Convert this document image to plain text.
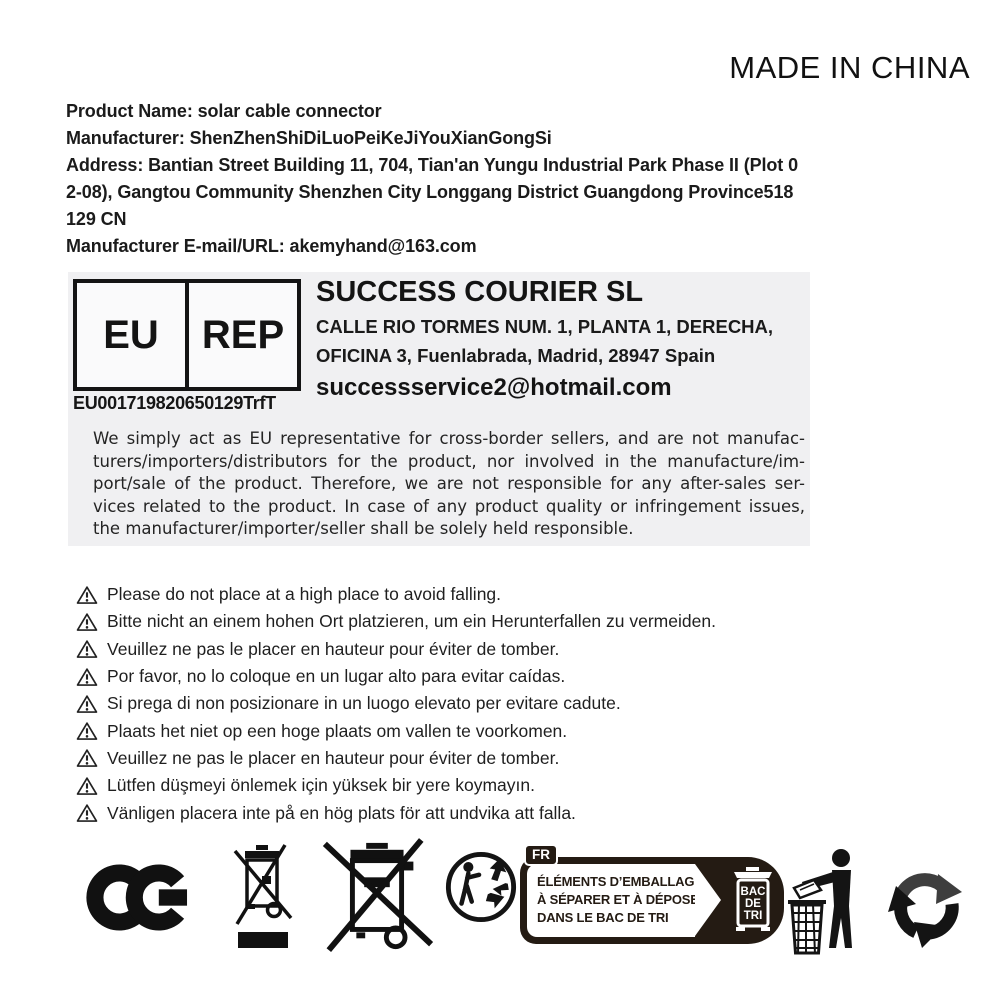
MADE IN CHINA
Product Name: solar cable connector
Manufacturer: ShenZhenShiDiLuoPeiKeJiYouXianGongSi
Address: Bantian Street Building 11, 704, Tian'an Yungu Industrial Park Phase II (Plot 0
2-08), Gangtou Community Shenzhen City Longgang District Guangdong Province518
129 CN
Manufacturer E-mail/URL: akemyhand@163.com
EU	REP
EU001719820650129TrfT
SUCCESS COURIER SL
CALLE RIO TORMES NUM. 1, PLANTA 1, DERECHA,
OFICINA 3, Fuenlabrada, Madrid, 28947 Spain
successservice2@hotmail.com
We simply act as EU representative for cross-border sellers, and are not manufac-
turers/importers/distributors for the product, nor involved in the manufacture/im-
port/sale of the product. Therefore, we are not responsible for any after-sales ser-
vices related to the product. In case of any product quality or infringement issues,
the manufacturer/importer/seller shall be solely held responsible.
Please do not place at a high place to avoid falling.
Bitte nicht an einem hohen Ort platzieren, um ein Herunterfallen zu vermeiden.
Veuillez ne pas le placer en hauteur pour éviter de tomber.
Por favor, no lo coloque en un lugar alto para evitar caídas.
Si prega di non posizionare in un luogo elevato per evitare cadute.
Plaats het niet op een hoge plaats om vallen te voorkomen.
Veuillez ne pas le placer en hauteur pour éviter de tomber.
Lütfen düşmeyi önlemek için yüksek bir yere koymayın.
Vänligen placera inte på en hög plats för att undvika att falla.
FR
ÉLÉMENTS D’EMBALLAGE
À SÉPARER ET À DÉPOSER
DANS LE BAC DE TRI
BAC
DE
TRI
